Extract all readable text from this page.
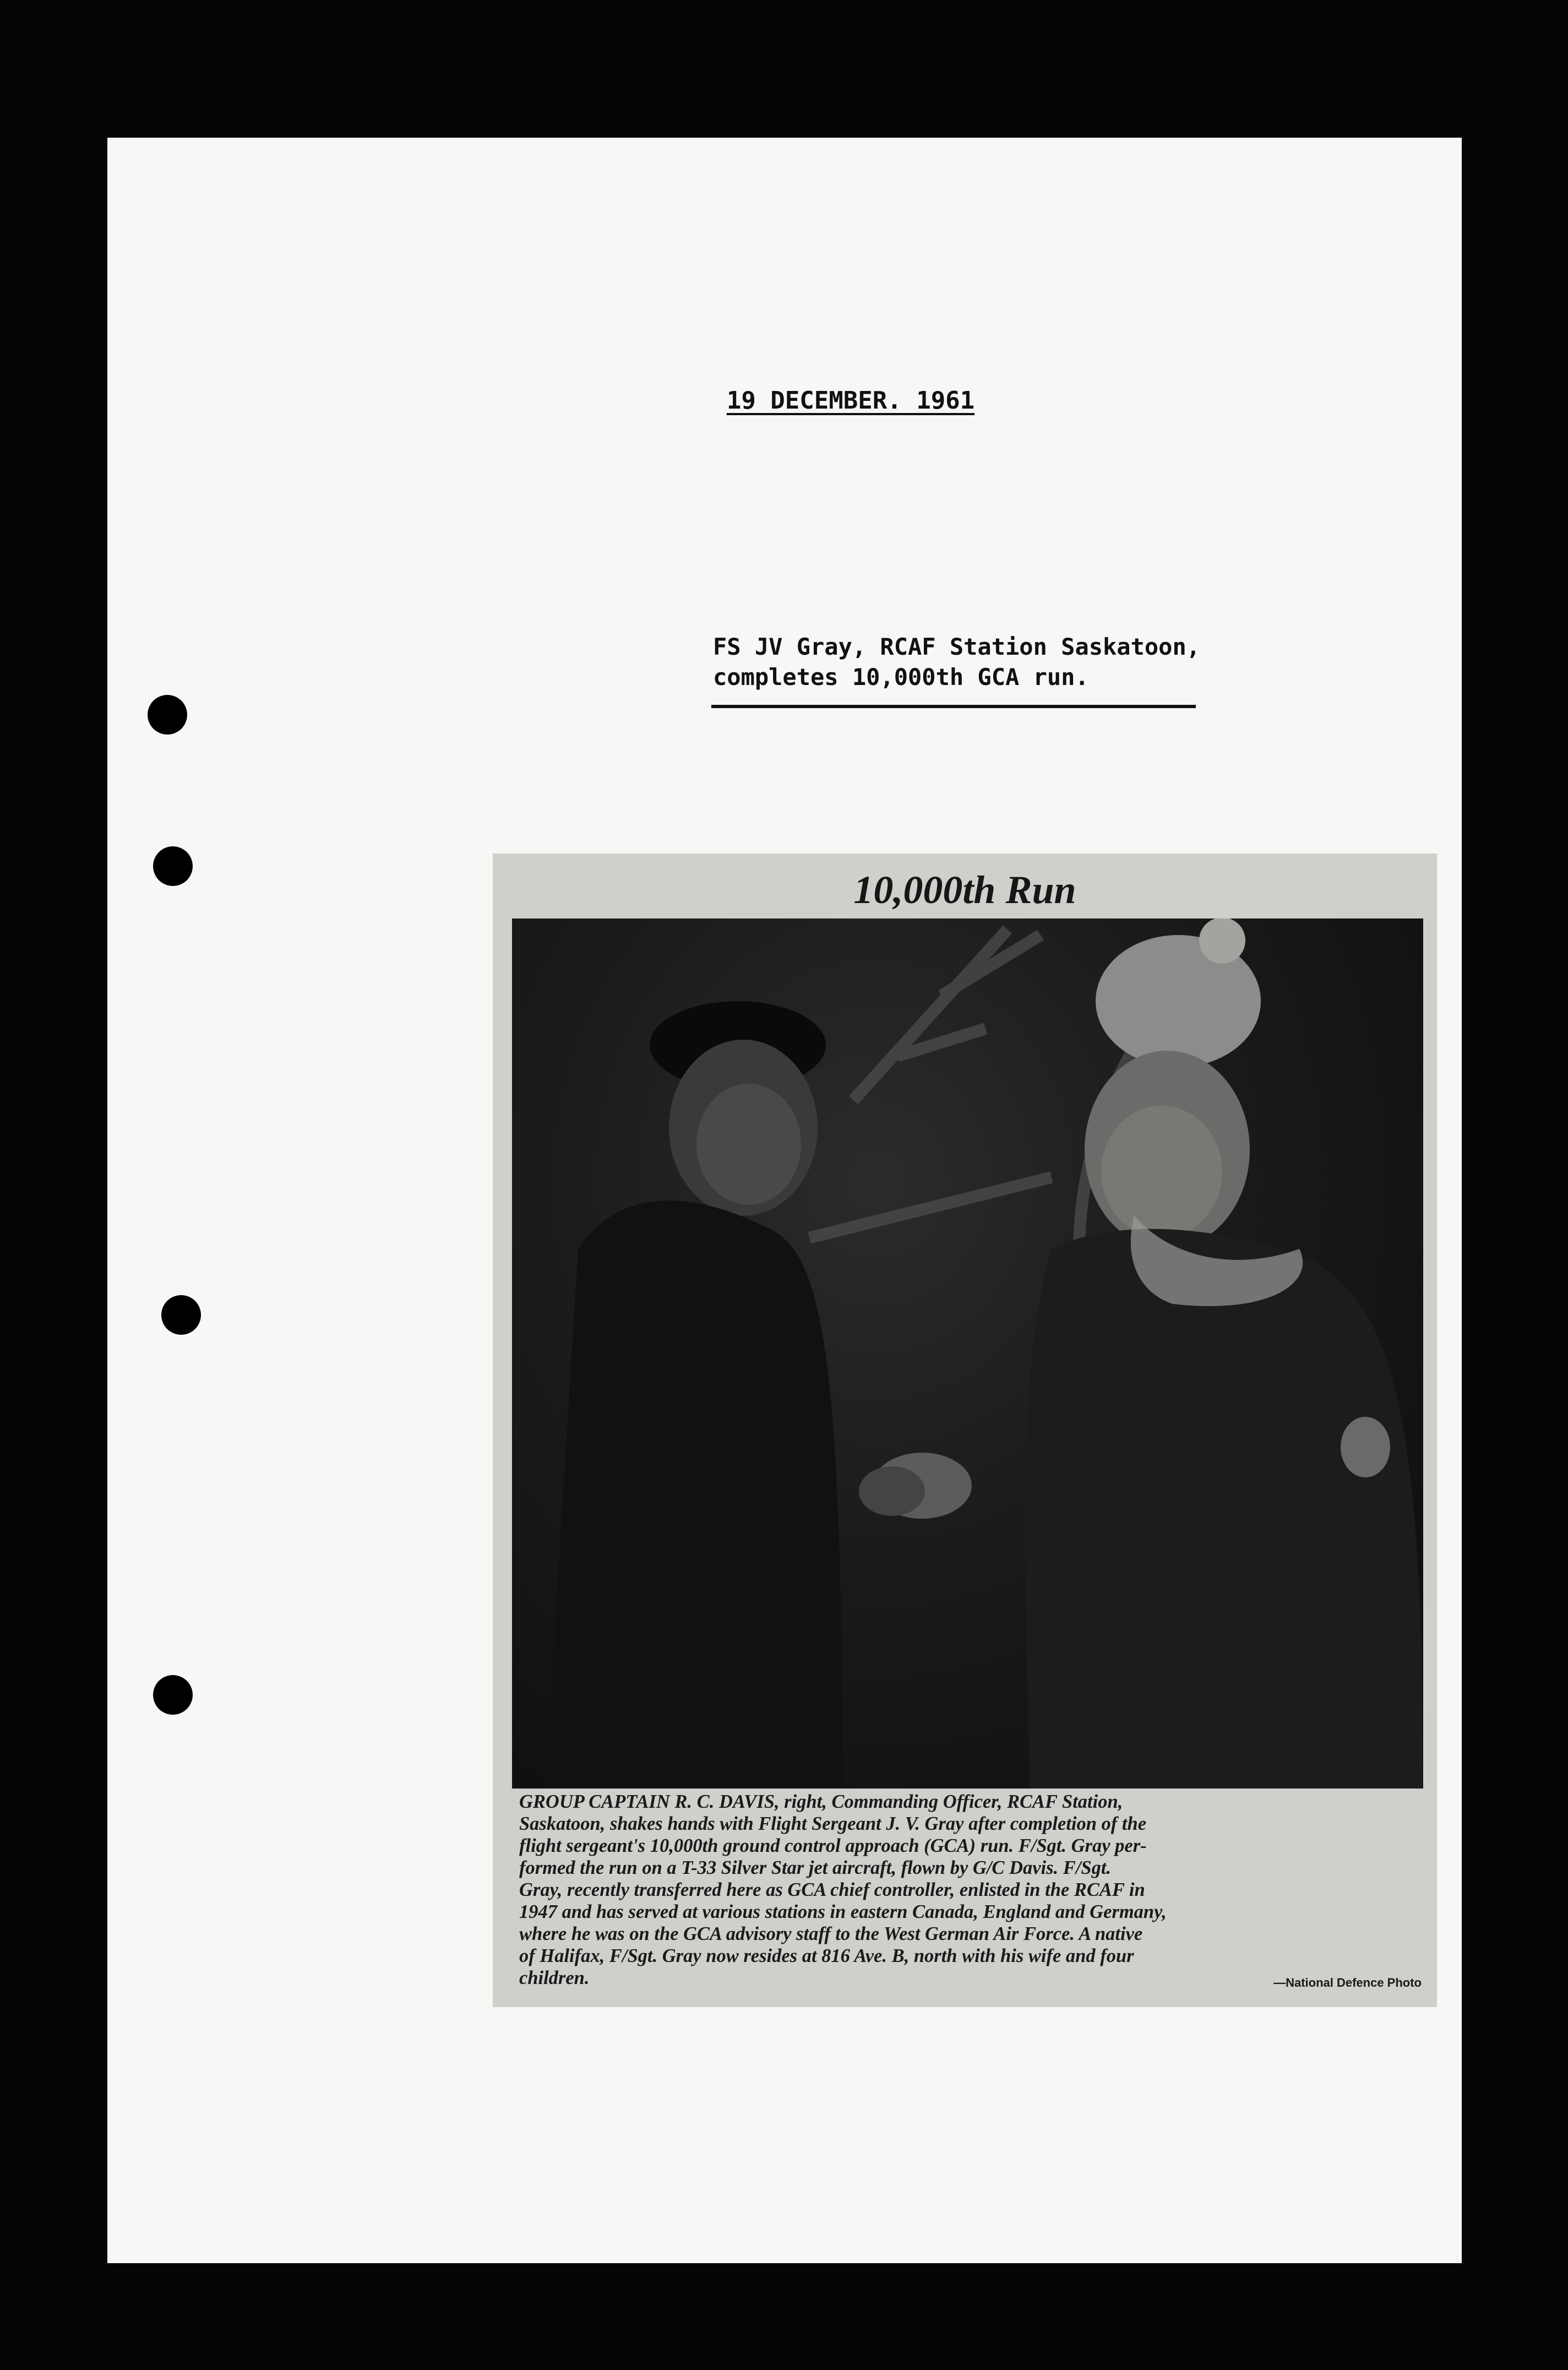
19 DECEMBER. 1961
FS JV Gray, RCAF Station Saskatoon,
completes 10,000th GCA run.
10,000th Run
GROUP CAPTAIN R. C. DAVIS, right, Commanding Officer, RCAF Station,
Saskatoon, shakes hands with Flight Sergeant J. V. Gray after completion of the
flight sergeant's 10,000th ground control approach (GCA) run. F/Sgt. Gray per-
formed the run on a T-33 Silver Star jet aircraft, flown by G/C Davis. F/Sgt.
Gray, recently transferred here as GCA chief controller, enlisted in the RCAF in
1947 and has served at various stations in eastern Canada, England and Germany,
where he was on the GCA advisory staff to the West German Air Force. A native
of Halifax, F/Sgt. Gray now resides at 816 Ave. B, north with his wife and four
children.	—National Defence Photo
